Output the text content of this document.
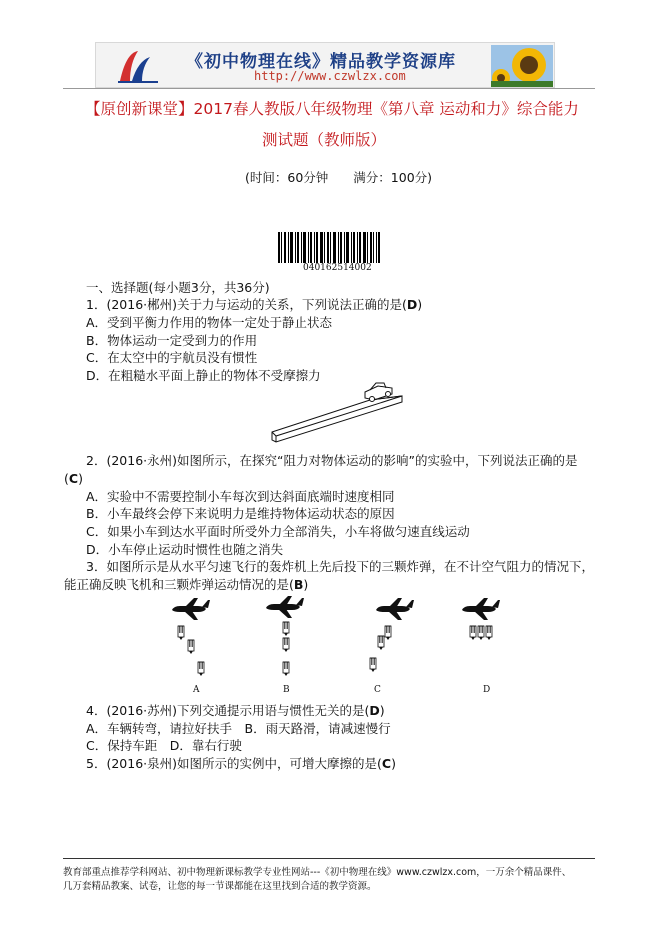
《初中物理在线》精品教学资源库
http://www.czwlzx.com
【原创新课堂】2017春人教版八年级物理《第八章 运动和力》综合能力
测试题（教师版）
(时间：60分钟　　满分：100分)
040162514002
一、选择题(每小题3分，共36分)
1．(2016·郴州)关于力与运动的关系，下列说法正确的是(D)
A．受到平衡力作用的物体一定处于静止状态
B．物体运动一定受到力的作用
C．在太空中的宇航员没有惯性
D．在粗糙水平面上静止的物体不受摩擦力
2．(2016·永州)如图所示，在探究“阻力对物体运动的影响”的实验中，下列说法正确的是
(C)
A．实验中不需要控制小车每次到达斜面底端时速度相同
B．小车最终会停下来说明力是维持物体运动状态的原因
C．如果小车到达水平面时所受外力全部消失，小车将做匀速直线运动
D．小车停止运动时惯性也随之消失
3．如图所示是从水平匀速飞行的轰炸机上先后投下的三颗炸弹，在不计空气阻力的情况下，
能正确反映飞机和三颗炸弹运动情况的是(B)
A	B	C	D
4．(2016·苏州)下列交通提示用语与惯性无关的是(D)
A．车辆转弯，请拉好扶手　B．雨天路滑，请减速慢行
C．保持车距　D．靠右行驶
5．(2016·泉州)如图所示的实例中，可增大摩擦的是(C)
教育部重点推荐学科网站、初中物理新课标教学专业性网站---《初中物理在线》www.czwlzx.com，一万余个精品课件、
几万套精品教案、试卷，让您的每一节课都能在这里找到合适的教学资源。
